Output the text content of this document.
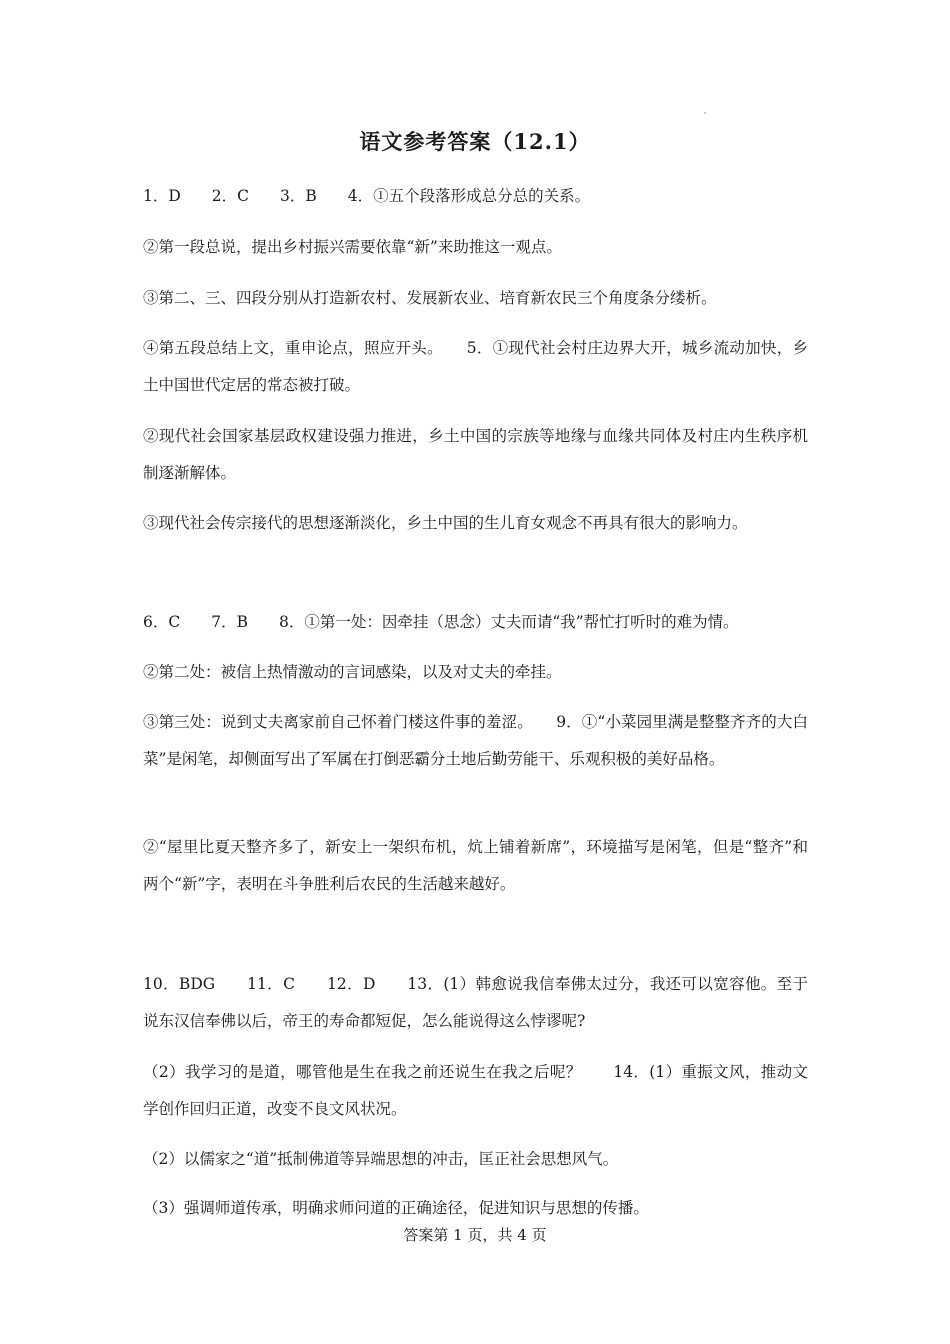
语文参考答案（12.1）
1．D　　2．C　　3．B　　4．①五个段落形成总分总的关系。
②第一段总说，提出乡村振兴需要依靠“新”来助推这一观点。
③第二、三、四段分别从打造新农村、发展新农业、培育新农民三个角度条分缕析。
④第五段总结上文，重申论点，照应开头。　　5．①现代社会村庄边界大开，城乡流动加快，乡土中国世代定居的常态被打破。
②现代社会国家基层政权建设强力推进，乡土中国的宗族等地缘与血缘共同体及村庄内生秩序机制逐渐解体。
③现代社会传宗接代的思想逐渐淡化，乡土中国的生儿育女观念不再具有很大的影响力。
6．C　　7．B　　8．①第一处：因牵挂（思念）丈夫而请“我”帮忙打听时的难为情。
②第二处：被信上热情激动的言词感染，以及对丈夫的牵挂。
③第三处：说到丈夫离家前自己怀着门楼这件事的羞涩。　　9．①“小菜园里满是整整齐齐的大白菜”是闲笔，却侧面写出了军属在打倒恶霸分土地后勤劳能干、乐观积极的美好品格。
②“屋里比夏天整齐多了，新安上一架织布机，炕上铺着新席”，环境描写是闲笔，但是“整齐”和两个“新”字，表明在斗争胜利后农民的生活越来越好。
10．BDG　　11．C　　12．D　　13．(1）韩愈说我信奉佛太过分，我还可以宽容他。至于说东汉信奉佛以后，帝王的寿命都短促，怎么能说得这么悖谬呢?
（2）我学习的是道，哪管他是生在我之前还说生在我之后呢？　　14．(1）重振文风，推动文学创作回归正道，改变不良文风状况。
（2）以儒家之“道”抵制佛道等异端思想的冲击，匡正社会思想风气。
（3）强调师道传承，明确求师问道的正确途径，促进知识与思想的传播。
答案第 1 页，共 4 页
